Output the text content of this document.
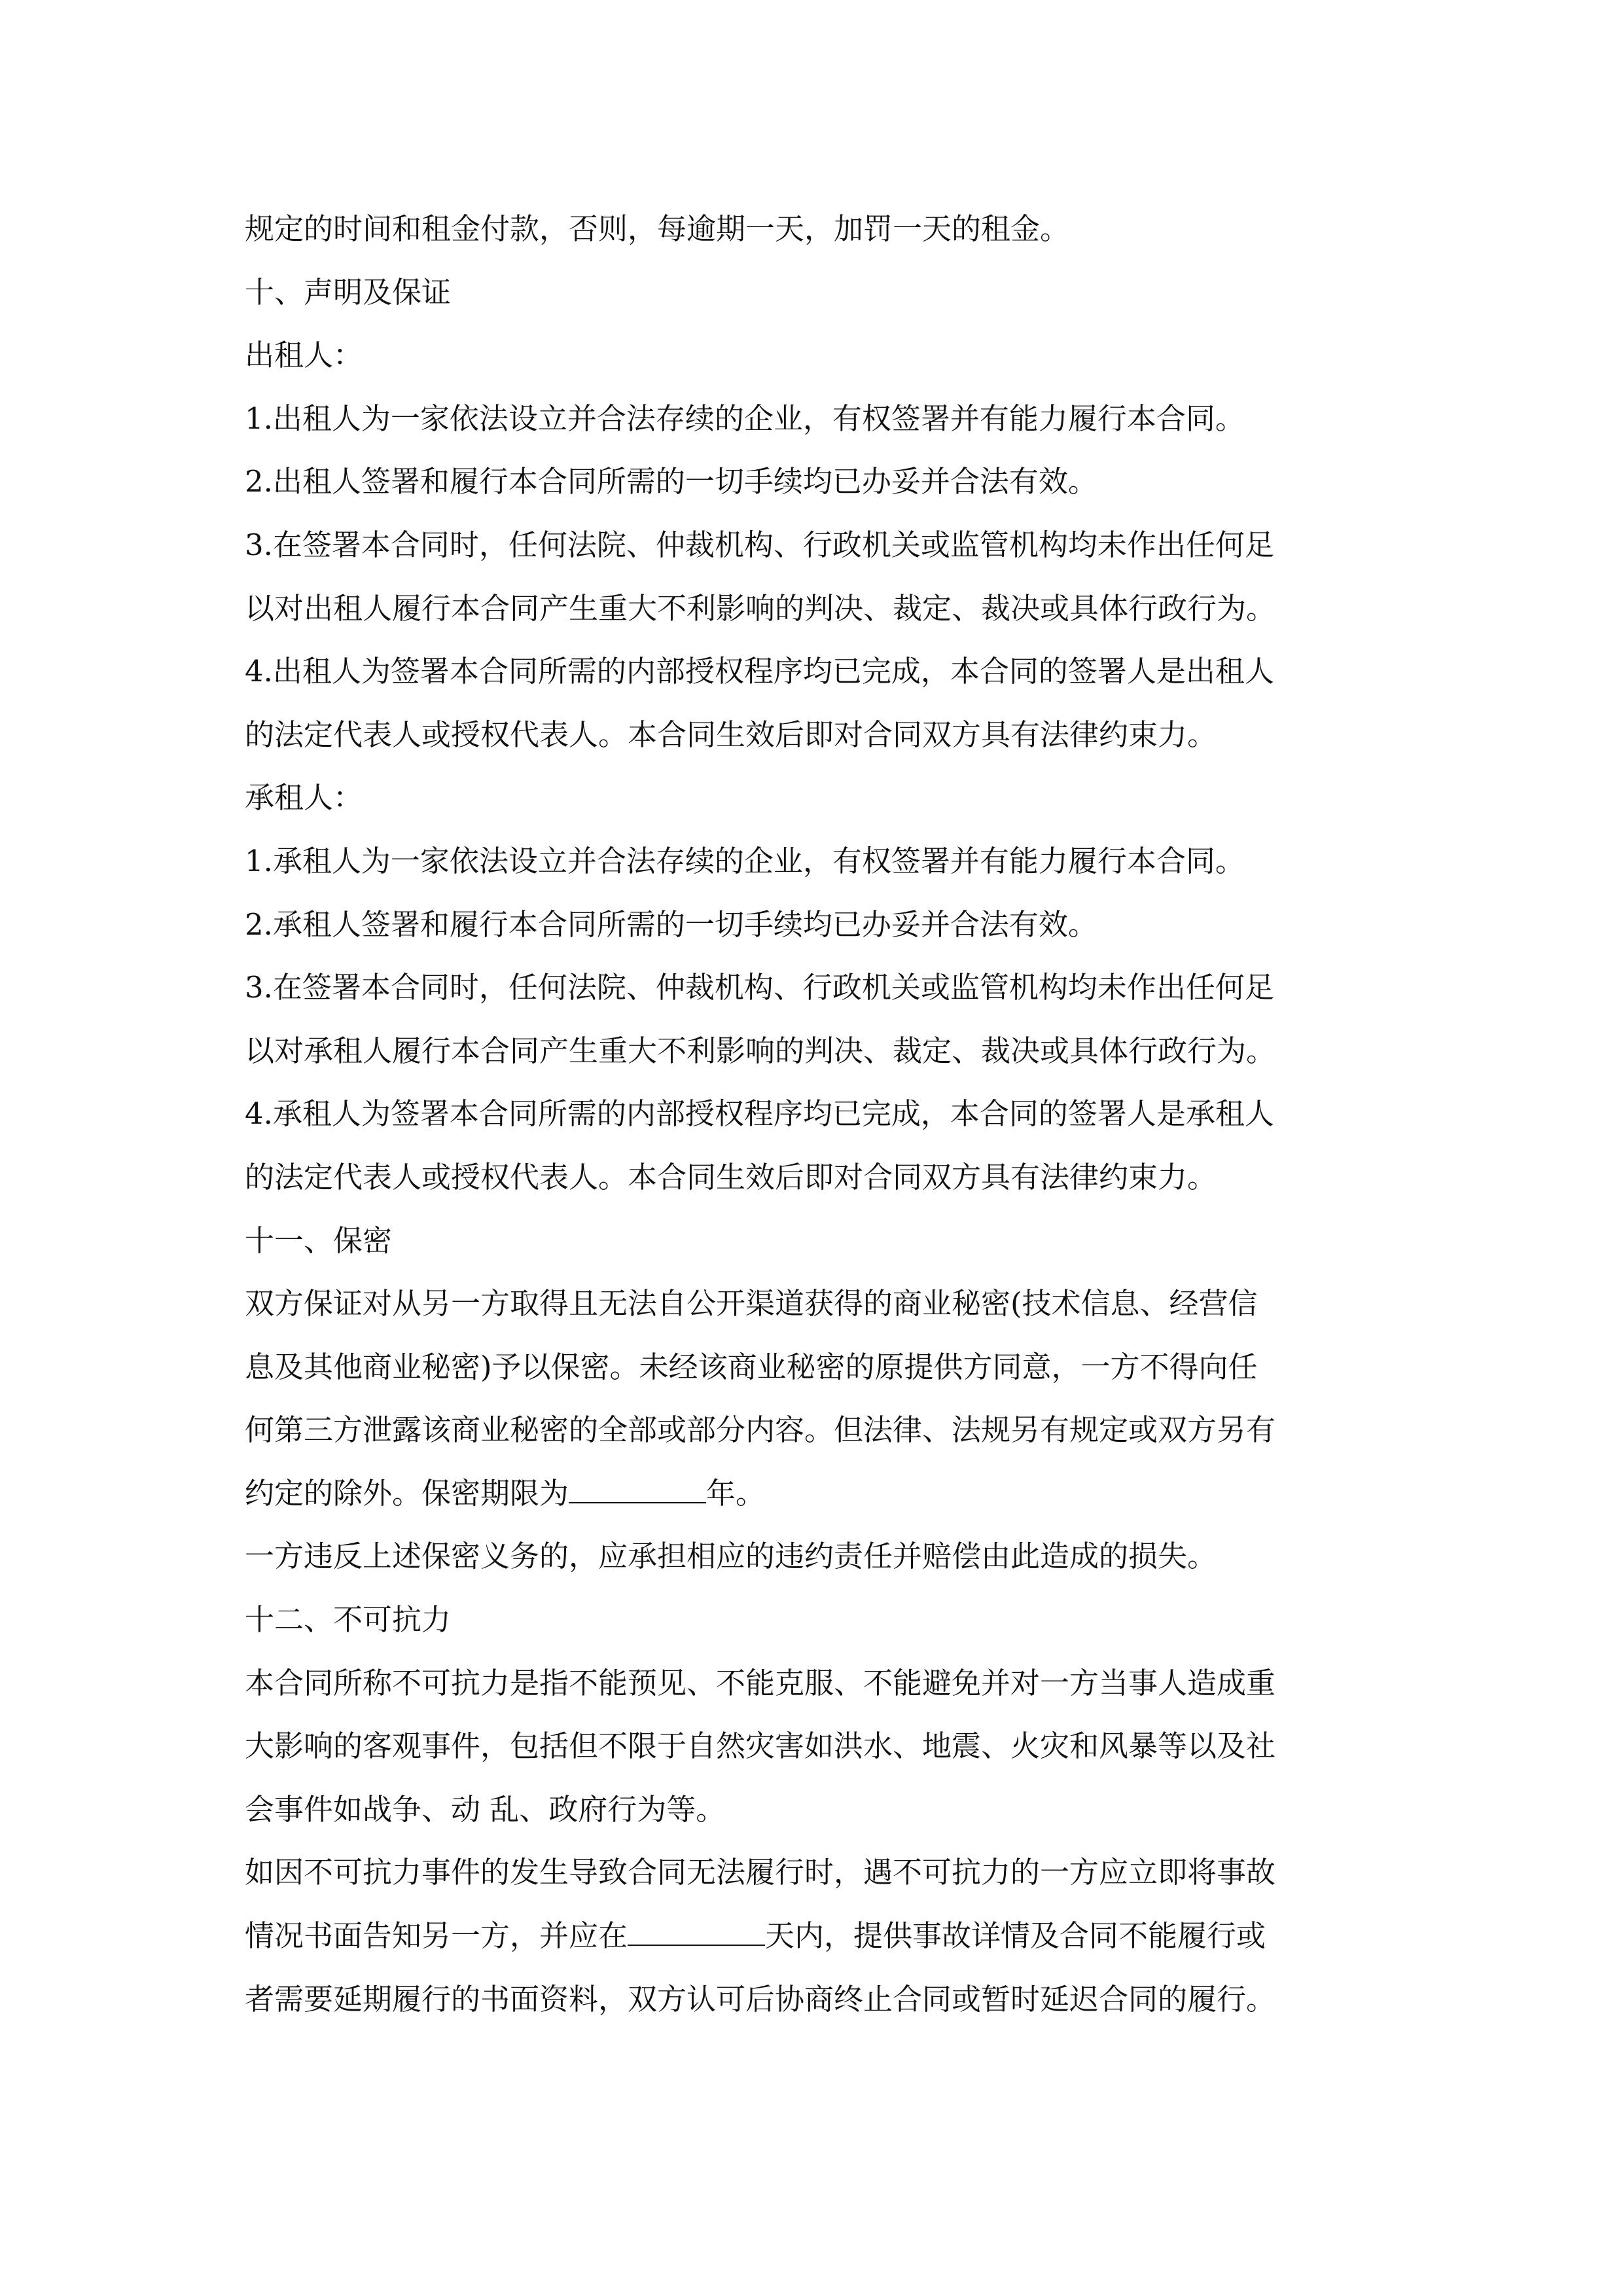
规定的时间和租金付款，否则，每逾期一天，加罚一天的租金。
十、声明及保证
出租人：
1.出租人为一家依法设立并合法存续的企业，有权签署并有能力履行本合同。
2.出租人签署和履行本合同所需的一切手续均已办妥并合法有效。
3.在签署本合同时，任何法院、仲裁机构、行政机关或监管机构均未作出任何足
以对出租人履行本合同产生重大不利影响的判决、裁定、裁决或具体行政行为。
4.出租人为签署本合同所需的内部授权程序均已完成，本合同的签署人是出租人
的法定代表人或授权代表人。本合同生效后即对合同双方具有法律约束力。
承租人：
1.承租人为一家依法设立并合法存续的企业，有权签署并有能力履行本合同。
2.承租人签署和履行本合同所需的一切手续均已办妥并合法有效。
3.在签署本合同时，任何法院、仲裁机构、行政机关或监管机构均未作出任何足
以对承租人履行本合同产生重大不利影响的判决、裁定、裁决或具体行政行为。
4.承租人为签署本合同所需的内部授权程序均已完成，本合同的签署人是承租人
的法定代表人或授权代表人。本合同生效后即对合同双方具有法律约束力。
十一、保密
双方保证对从另一方取得且无法自公开渠道获得的商业秘密(技术信息、经营信
息及其他商业秘密)予以保密。未经该商业秘密的原提供方同意，一方不得向任
何第三方泄露该商业秘密的全部或部分内容。但法律、法规另有规定或双方另有
约定的除外。保密期限为	年。
一方违反上述保密义务的，应承担相应的违约责任并赔偿由此造成的损失。
十二、不可抗力
本合同所称不可抗力是指不能预见、不能克服、不能避免并对一方当事人造成重
大影响的客观事件，包括但不限于自然灾害如洪水、地震、火灾和风暴等以及社
会事件如战争、动 乱、政府行为等。
如因不可抗力事件的发生导致合同无法履行时，遇不可抗力的一方应立即将事故
情况书面告知另一方，并应在	天内，提供事故详情及合同不能履行或
者需要延期履行的书面资料，双方认可后协商终止合同或暂时延迟合同的履行。
